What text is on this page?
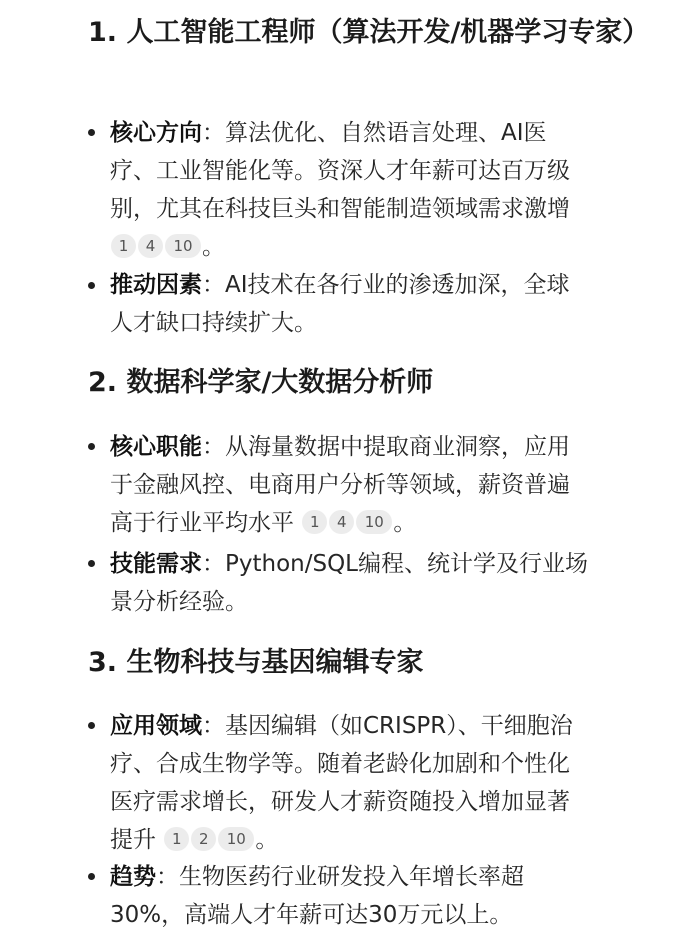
1. 人工智能工程师（算法开发/机器学习专家）
核心方向：算法优化、自然语言处理、AI医疗、工业智能化等。资深人才年薪可达百万级别，尤其在科技巨头和智能制造领域需求激增 1 4 10 。
推动因素：AI技术在各行业的渗透加深，全球人才缺口持续扩大。
2. 数据科学家/大数据分析师
核心职能：从海量数据中提取商业洞察，应用于金融风控、电商用户分析等领域，薪资普遍高于行业平均水平 1 4 10 。
技能需求：Python/SQL编程、统计学及行业场景分析经验。
3. 生物科技与基因编辑专家
应用领域：基因编辑（如CRISPR）、干细胞治疗、合成生物学等。随着老龄化加剧和个性化医疗需求增长，研发人才薪资随投入增加显著提升 1 2 10 。
趋势：生物医药行业研发投入年增长率超30%，高端人才年薪可达30万元以上。
